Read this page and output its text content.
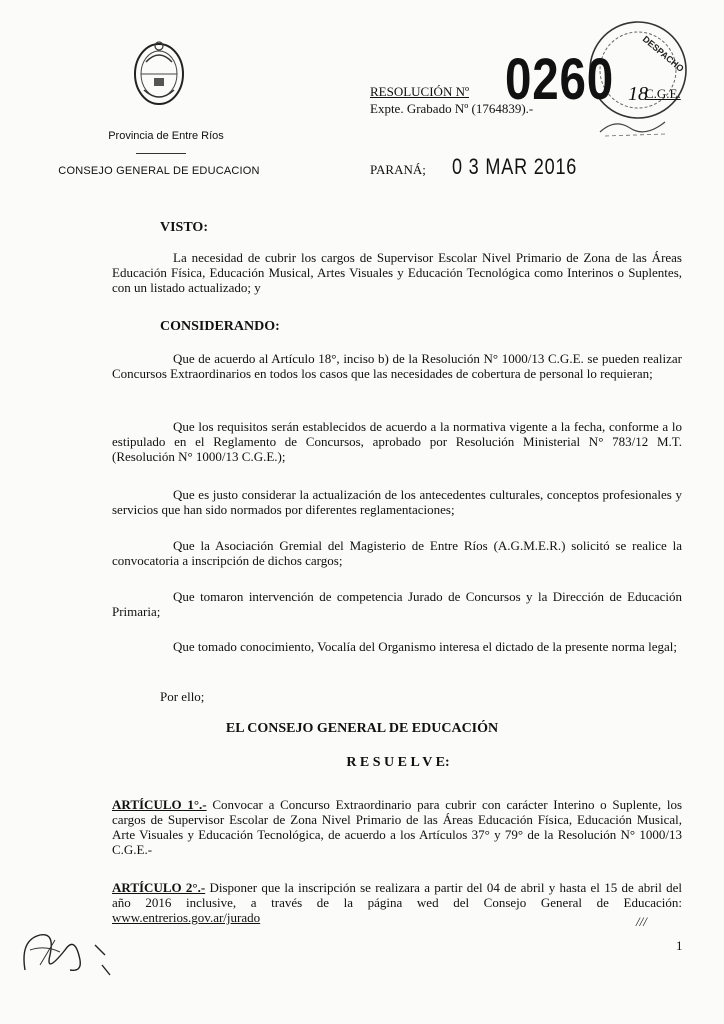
Provincia de Entre Ríos
CONSEJO GENERAL DE EDUCACION
DESPACHO
RESOLUCIÓN Nº 0260 18
C.G.E.
Expte. Grabado Nº (1764839).-
PARANÁ; 0 3 MAR 2016
VISTO:
La necesidad de cubrir los cargos de Supervisor Escolar Nivel Primario de Zona de las Áreas Educación Física, Educación Musical, Artes Visuales y Educación Tecnológica como Interinos o Suplentes, con un listado actualizado; y
CONSIDERANDO:
Que de acuerdo al Artículo 18°, inciso b) de la Resolución N° 1000/13 C.G.E. se pueden realizar Concursos Extraordinarios en todos los casos que las necesidades de cobertura de personal lo requieran;
Que los requisitos serán establecidos de acuerdo a la normativa vigente a la fecha, conforme a lo estipulado en el Reglamento de Concursos, aprobado por Resolución Ministerial N° 783/12 M.T. (Resolución N° 1000/13 C.G.E.);
Que es justo considerar la actualización de los antecedentes culturales, conceptos profesionales y servicios que han sido normados por diferentes reglamentaciones;
Que la Asociación Gremial del Magisterio de Entre Ríos (A.G.M.E.R.) solicitó se realice la convocatoria a inscripción de dichos cargos;
Que tomaron intervención de competencia Jurado de Concursos y la Dirección de Educación Primaria;
Que tomado conocimiento, Vocalía del Organismo interesa el dictado de la presente norma legal;
Por ello;
EL CONSEJO GENERAL DE EDUCACIÓN
R E S U E L V E:
ARTÍCULO 1°.- Convocar a Concurso Extraordinario para cubrir con carácter Interino o Suplente, los cargos de Supervisor Escolar de Zona Nivel Primario de las Áreas Educación Física, Educación Musical, Arte Visuales y Educación Tecnológica, de acuerdo a los Artículos 37° y 79° de la Resolución N° 1000/13 C.G.E.-
ARTÍCULO 2°.- Disponer que la inscripción se realizara a partir del 04 de abril y hasta el 15 de abril del año 2016 inclusive, a través de la página wed del Consejo General de Educación: www.entrerios.gov.ar/jurado	///
1
